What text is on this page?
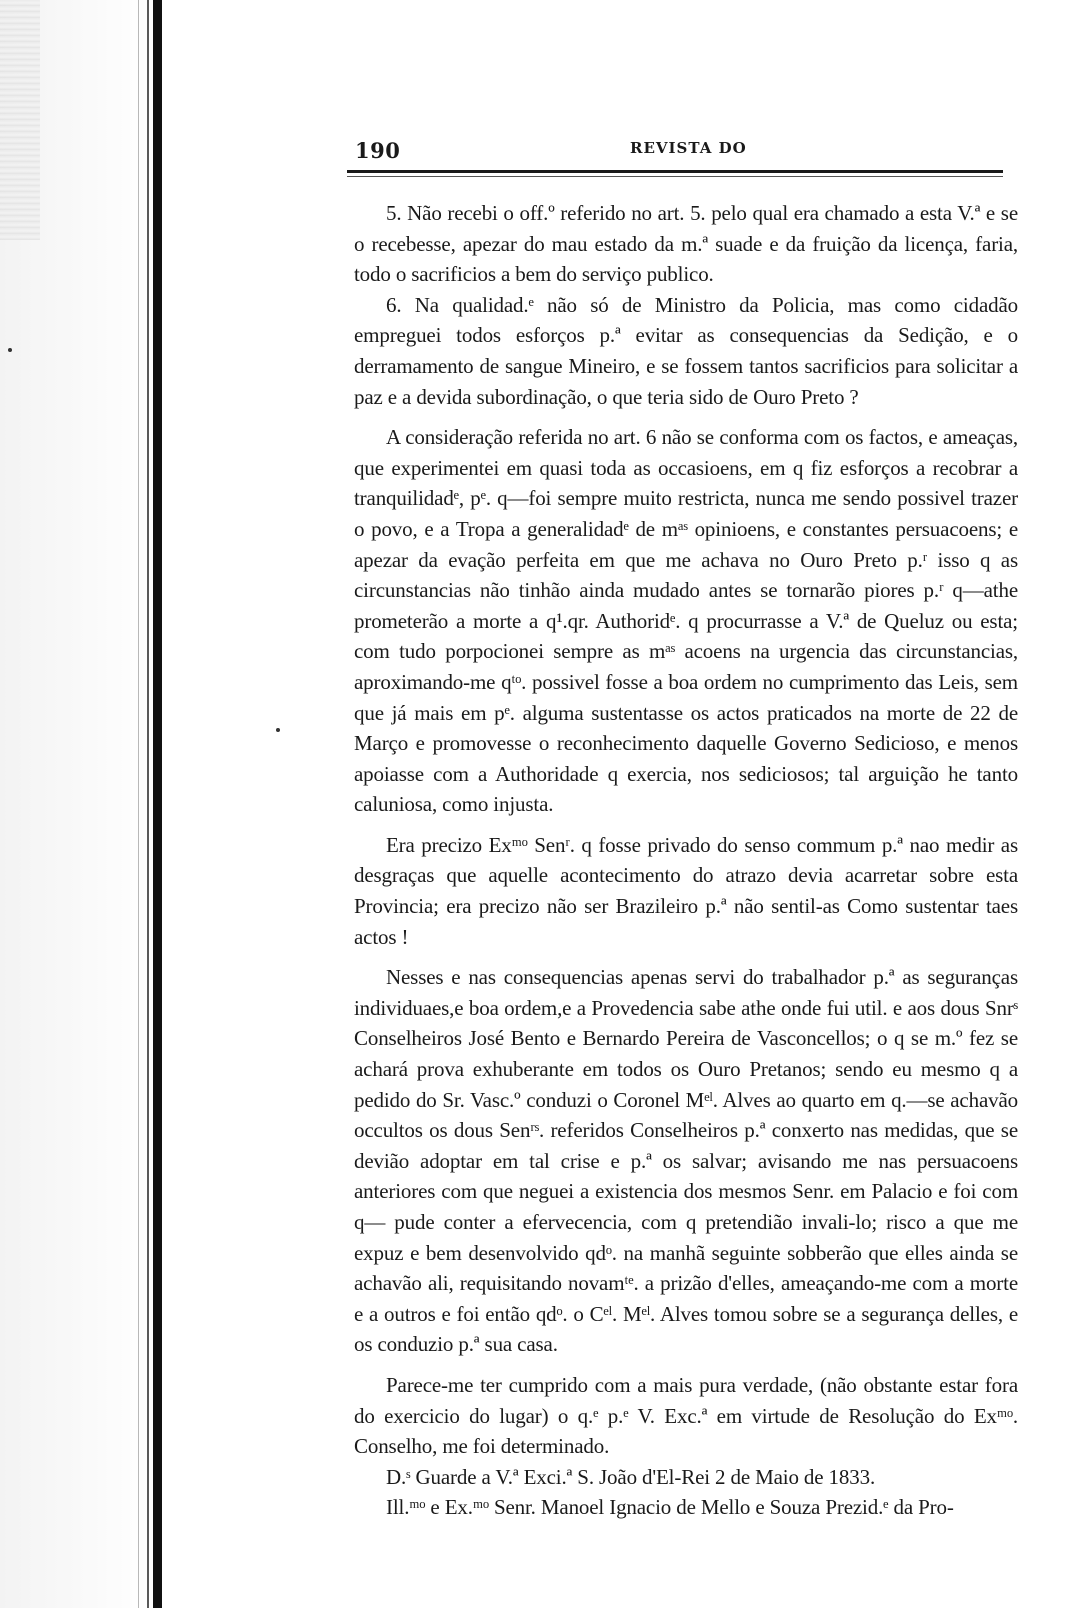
190	REVISTA DO

5. Não recebi o off.º referido no art. 5. pelo qual era chamado a esta V.ª e se o recebesse, apezar do mau estado da m.ª suade e da fruição da licença, faria, todo o sacrificios a bem do serviço publico.

6. Na qualidad.ᵉ não só de Ministro da Policia, mas como cidadão empreguei todos esforços p.ª evitar as consequencias da Sedição, e o derramamento de sangue Mineiro, e se fossem tantos sacrificios para solicitar a paz e a devida subordinação, o que teria sido de Ouro Preto ?

A consideração referida no art. 6 não se conforma com os factos, e ameaças, que experimentei em quasi toda as occasioens, em q fiz esforços a recobrar a tranquilidadᵉ, pᵉ. q—foi sempre muito restricta, nunca me sendo possivel trazer o povo, e a Tropa a generalidadᵉ de mᵃˢ opinioens, e constantes persuacoens; e apezar da evação perfeita em que me achava no Ouro Preto p.ʳ isso q as circunstancias não tinhão ainda mudado antes se tornarão piores p.ʳ q—athe prometerão a morte a q¹.qr. Authoridᵉ. q procurrasse a V.ª de Queluz ou esta; com tudo porpocionei sempre as mᵃˢ acoens na urgencia das circunstancias, aproximando-me qᵗᵒ. possivel fosse a boa ordem no cumprimento das Leis, sem que já mais em pᵉ. alguma sustentasse os actos praticados na morte de 22 de Março e promovesse o reconhecimento daquelle Governo Sedicioso, e menos apoiasse com a Authoridade q exercia, nos sediciosos; tal arguição he tanto caluniosa, como injusta.

Era precizo Exᵐᵒ Senʳ. q fosse privado do senso commum p.ª nao medir as desgraças que aquelle acontecimento do atrazo devia acarretar sobre esta Provincia; era precizo não ser Brazileiro p.ª não sentil-as Como sustentar taes actos !

Nesses e nas consequencias apenas servi do trabalhador p.ª as seguranças individuaes,e boa ordem,e a Provedencia sabe athe onde fui util. e aos dous Snrˢ Conselheiros José Bento e Bernardo Pereira de Vasconcellos; o q se m.º fez se achará prova exhuberante em todos os Ouro Pretanos; sendo eu mesmo q a pedido do Sr. Vasc.º conduzi o Coronel Mᵉˡ. Alves ao quarto em q.—se achavão occultos os dous Senʳˢ. referidos Conselheiros p.ª conxerto nas medidas, que se devião adoptar em tal crise e p.ª os salvar; avisando me nas persuacoens anteriores com que neguei a existencia dos mesmos Senr. em Palacio e foi com q— pude conter a efervecencia, com q pretendião invali-lo; risco a que me expuz e bem desenvolvido qdᵒ. na manhã seguinte sobberão que elles ainda se achavão ali, requisitando novamᵗᵉ. a prizão d'elles, ameaçando-me com a morte e a outros e foi então qdᵒ. o Cᵉˡ. Mᵉˡ. Alves tomou sobre se a segurança delles, e os conduzio p.ª sua casa.

Parece-me ter cumprido com a mais pura verdade, (não obstante estar fora do exercicio do lugar) o q.ᵉ p.ᵉ V. Exc.ª em virtude de Resolução do Exᵐᵒ. Conselho, me foi determinado.

D.ˢ Guarde a V.ª Exci.ª S. João d'El-Rei 2 de Maio de 1833.

Ill.ᵐᵒ e Ex.ᵐᵒ Senr. Manoel Ignacio de Mello e Souza Prezid.ᵉ da Pro-
